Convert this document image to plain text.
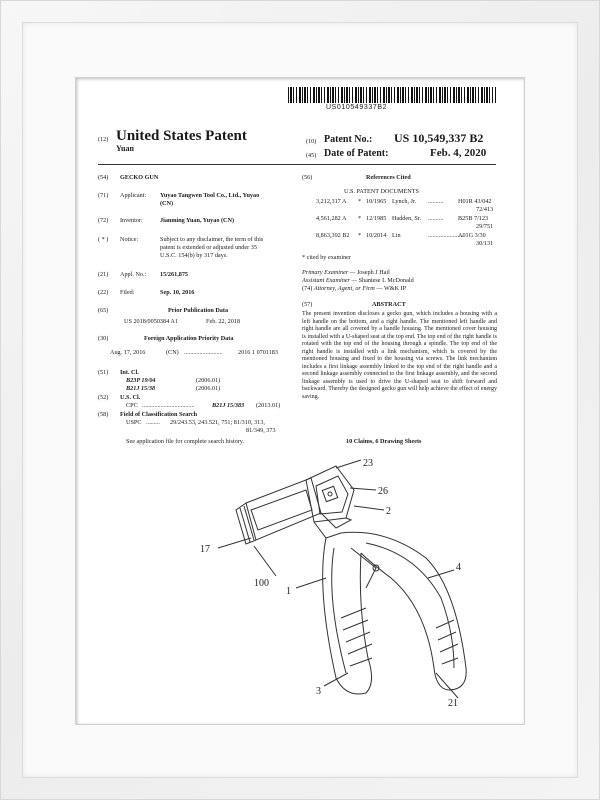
US010549337B2
(12) United States Patent
Yuan
(10) Patent No.: US 10,549,337 B2
(45) Date of Patent:	Feb. 4, 2020
(54) GECKO GUN
(71) Applicant: Yuyao Tangwen Tool Co., Ltd., Yuyao
(CN)
(72) Inventor:	Jianming Yuan, Yuyao (CN)
( * ) Notice:	Subject to any disclaimer, the term of this
patent is extended or adjusted under 35
U.S.C. 154(b) by 317 days.
(21) Appl. No.: 15/261,875
(22) Filed:	Sep. 10, 2016
(65)	Prior Publication Data
US 2018/0050384 A1	Feb. 22, 2018
(30)	Foreign Application Priority Data
Aug. 17, 2016	(CN) ......................... 2016 1 0701183
(51) Int. Cl.
B23P 19/04	(2006.01)
B21J 15/38	(2006.01)
(52) U.S. Cl.
CPC ..................................	B21J 15/383 (2013.01)
(58) Field of Classification Search
USPC ......... 29/243.53, 243.521, 751; 81/310, 313,
81/349, 373
See application file for complete search history.
(56)	References Cited
U.S. PATENT DOCUMENTS
3,212,317 A * 10/1965 Lynch, Jr. .......... H01R 43/042
72/413
4,561,282 A * 12/1985 Hadden, Sr. .......... B25B 7/123
29/751
8,863,392 B2 * 10/2014 Lin	.......................
A01G 3/30
30/131
* cited by examiner
Primary Examiner — Joseph J Hail
Assistant Examiner — Shantese L McDonald
(74) Attorney, Agent, or Firm — W&K IP
(57)	ABSTRACT
The present invention discloses a gecko gun, which includes a housing with a left handle on the bottom, and a right handle. The mentioned left handle and right handle are all covered by a handle housing. The mentioned cover housing is installed with a U-shaped seat at the top end. The top end of the right handle is rotated with the top end of the housing through a spindle. The top end of the right handle is installed with a link mechanism, which is covered by the mentioned housing and fixed to the housing via screws. The link mechanism includes a first linkage assembly linked to the top end of the right handle and a second linkage assembly connected to the first linkage assembly, and the second linkage assembly is used to drive the U-shaped seat to shift forward and backward. Thereby the designed gecko gun will help achieve the effect of energy saving.
10 Claims, 6 Drawing Sheets
23
26
2
17
100
1
4
3
21
